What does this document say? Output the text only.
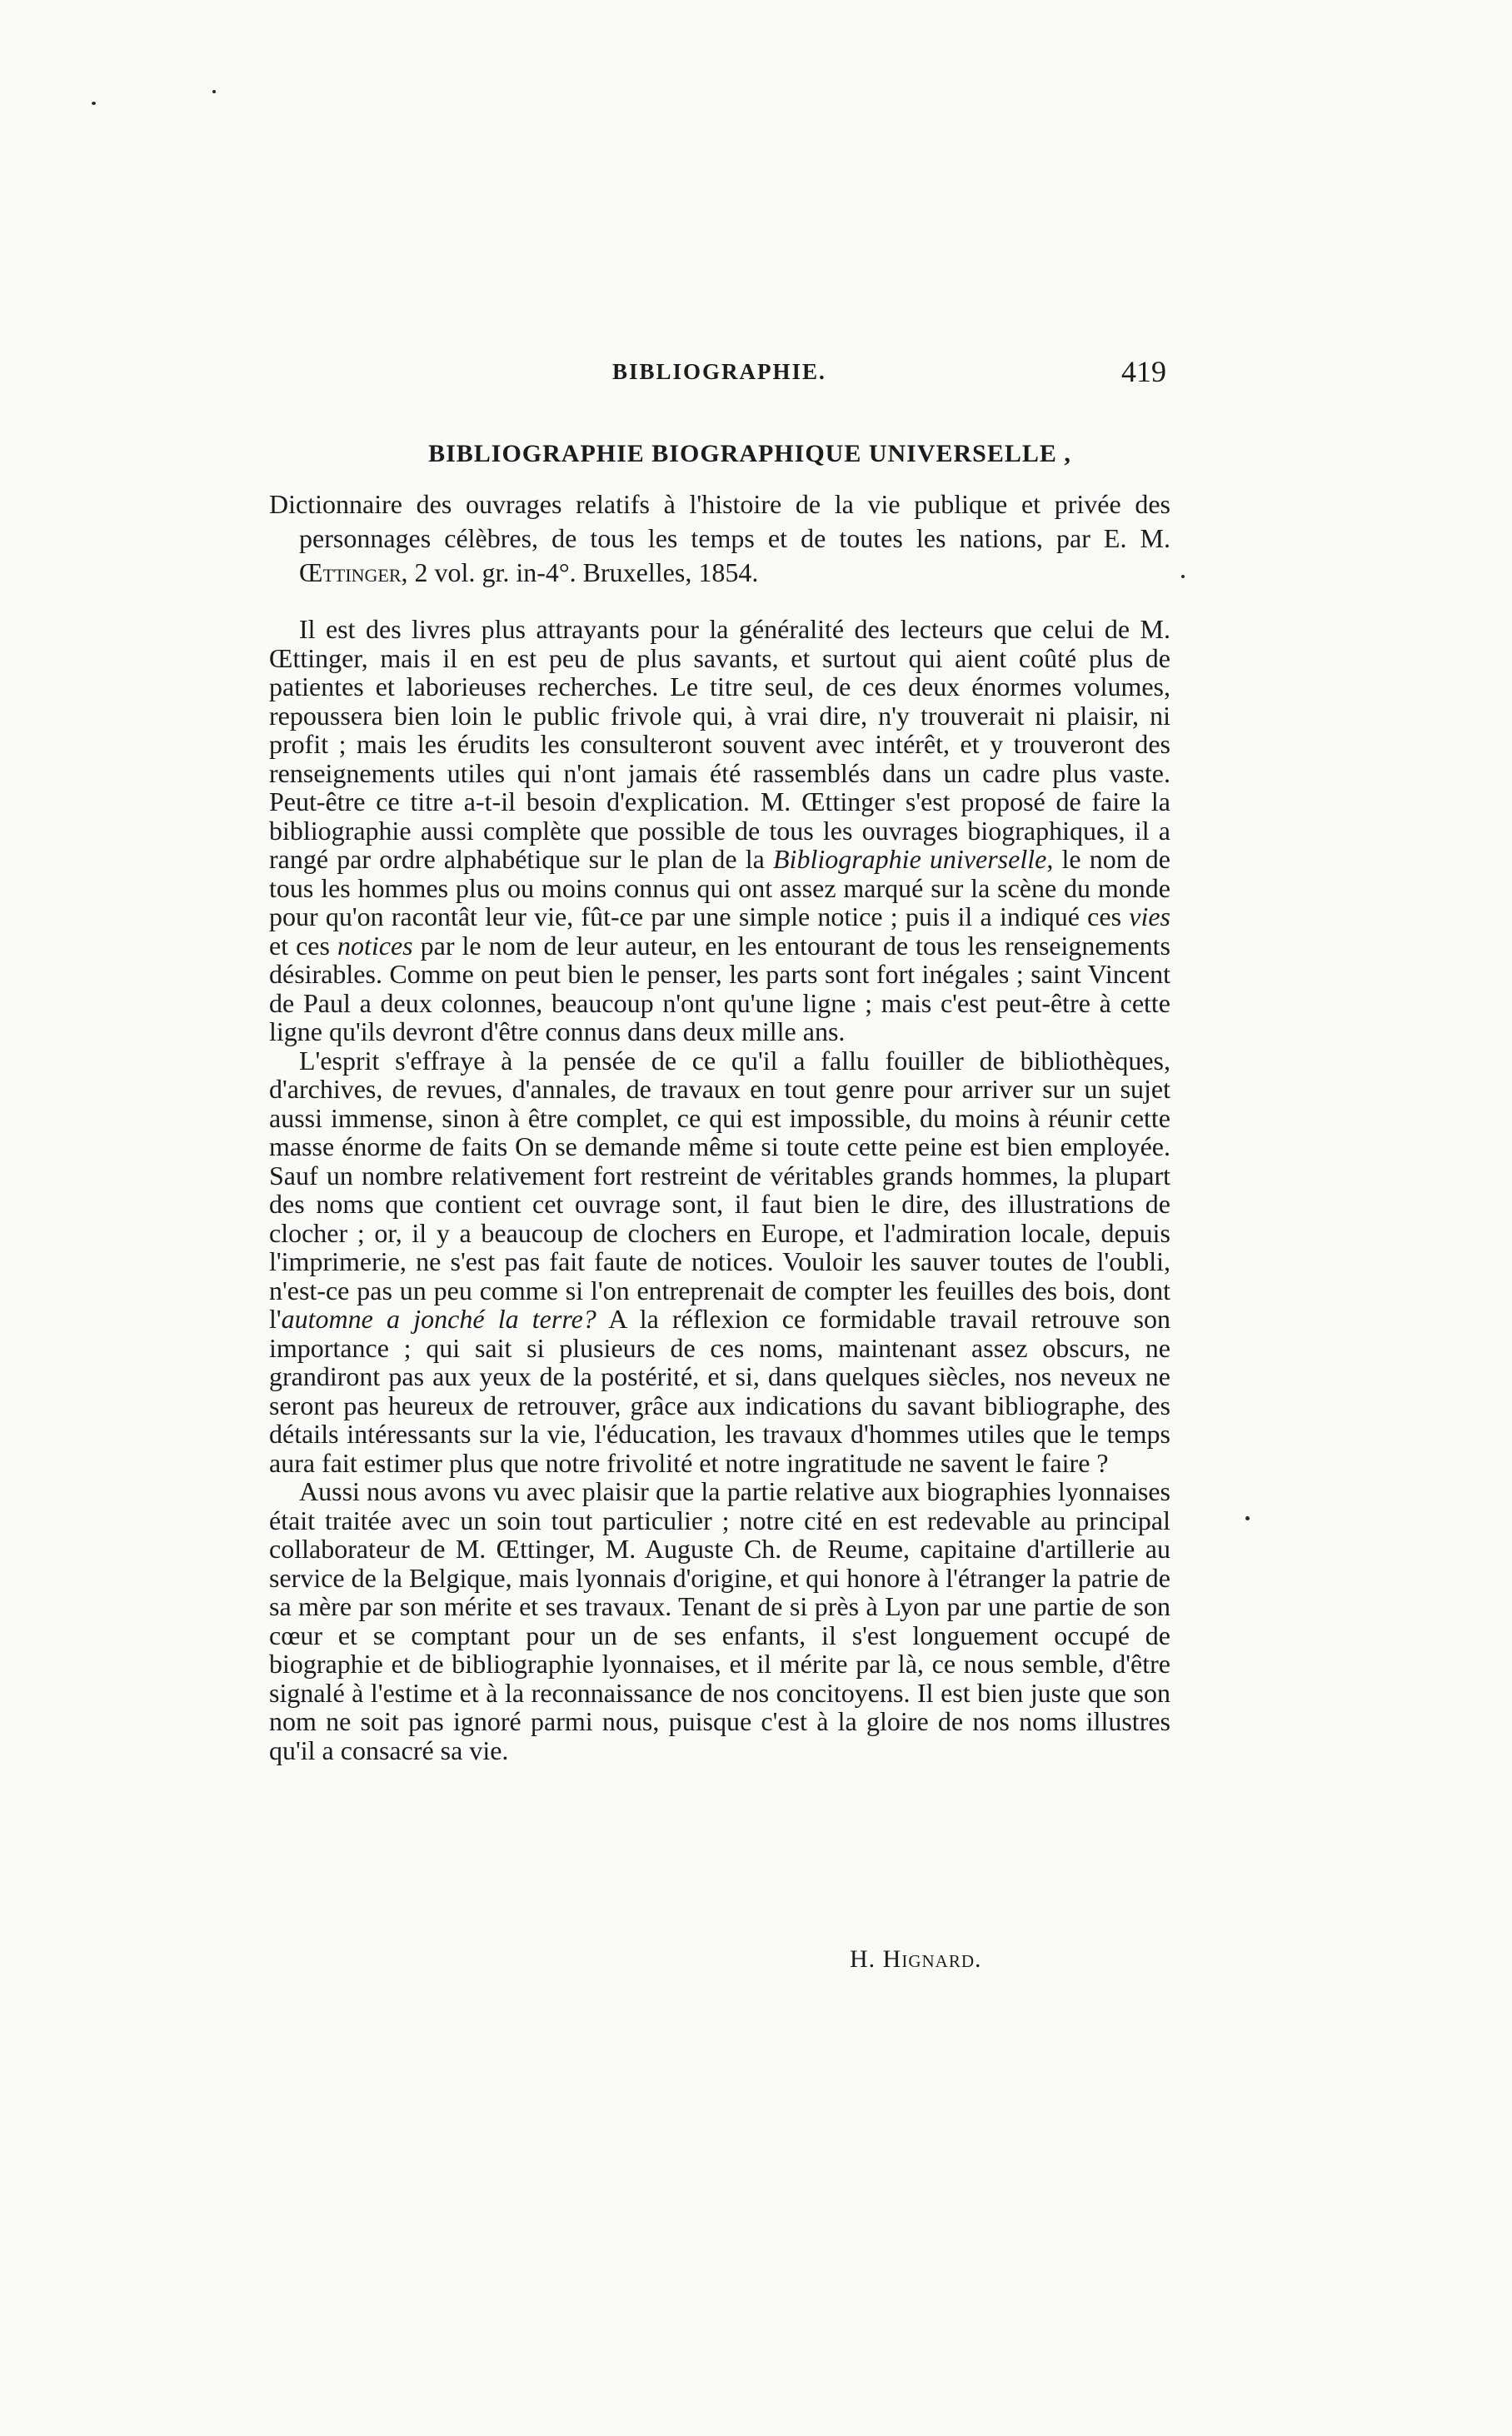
BIBLIOGRAPHIE.	419
BIBLIOGRAPHIE BIOGRAPHIQUE UNIVERSELLE ,
Dictionnaire des ouvrages relatifs à l'histoire de la vie publique et privée des personnages célèbres, de tous les temps et de toutes les nations, par E. M. Œttinger, 2 vol. gr. in-4°. Bruxelles, 1854.

Il est des livres plus attrayants pour la généralité des lecteurs que celui de M. Œttinger, mais il en est peu de plus savants, et surtout qui aient coûté plus de patientes et laborieuses recherches. Le titre seul, de ces deux énormes volumes, repoussera bien loin le public frivole qui, à vrai dire, n'y trouverait ni plaisir, ni profit ; mais les érudits les consulteront souvent avec intérêt, et y trouveront des renseignements utiles qui n'ont jamais été rassemblés dans un cadre plus vaste. Peut-être ce titre a-t-il besoin d'explication. M. Œttinger s'est proposé de faire la bibliographie aussi complète que possible de tous les ouvrages biographiques, il a rangé par ordre alphabétique sur le plan de la Bibliographie universelle, le nom de tous les hommes plus ou moins connus qui ont assez marqué sur la scène du monde pour qu'on racontât leur vie, fût-ce par une simple notice ; puis il a indiqué ces vies et ces notices par le nom de leur auteur, en les entourant de tous les renseignements désirables. Comme on peut bien le penser, les parts sont fort inégales ; saint Vincent de Paul a deux colonnes, beaucoup n'ont qu'une ligne ; mais c'est peut-être à cette ligne qu'ils devront d'être connus dans deux mille ans.

L'esprit s'effraye à la pensée de ce qu'il a fallu fouiller de bibliothèques, d'archives, de revues, d'annales, de travaux en tout genre pour arriver sur un sujet aussi immense, sinon à être complet, ce qui est impossible, du moins à réunir cette masse énorme de faits On se demande même si toute cette peine est bien employée. Sauf un nombre relativement fort restreint de véritables grands hommes, la plupart des noms que contient cet ouvrage sont, il faut bien le dire, des illustrations de clocher ; or, il y a beaucoup de clochers en Europe, et l'admiration locale, depuis l'imprimerie, ne s'est pas fait faute de notices. Vouloir les sauver toutes de l'oubli, n'est-ce pas un peu comme si l'on entreprenait de compter les feuilles des bois, dont l'automne a jonché la terre? A la réflexion ce formidable travail retrouve son importance ; qui sait si plusieurs de ces noms, maintenant assez obscurs, ne grandiront pas aux yeux de la postérité, et si, dans quelques siècles, nos neveux ne seront pas heureux de retrouver, grâce aux indications du savant bibliographe, des détails intéressants sur la vie, l'éducation, les travaux d'hommes utiles que le temps aura fait estimer plus que notre frivolité et notre ingratitude ne savent le faire ?

Aussi nous avons vu avec plaisir que la partie relative aux biographies lyonnaises était traitée avec un soin tout particulier ; notre cité en est redevable au principal collaborateur de M. Œttinger, M. Auguste Ch. de Reume, capitaine d'artillerie au service de la Belgique, mais lyonnais d'origine, et qui honore à l'étranger la patrie de sa mère par son mérite et ses travaux. Tenant de si près à Lyon par une partie de son cœur et se comptant pour un de ses enfants, il s'est longuement occupé de biographie et de bibliographie lyonnaises, et il mérite par là, ce nous semble, d'être signalé à l'estime et à la reconnaissance de nos concitoyens. Il est bien juste que son nom ne soit pas ignoré parmi nous, puisque c'est à la gloire de nos noms illustres qu'il a consacré sa vie.

H. Hignard.
